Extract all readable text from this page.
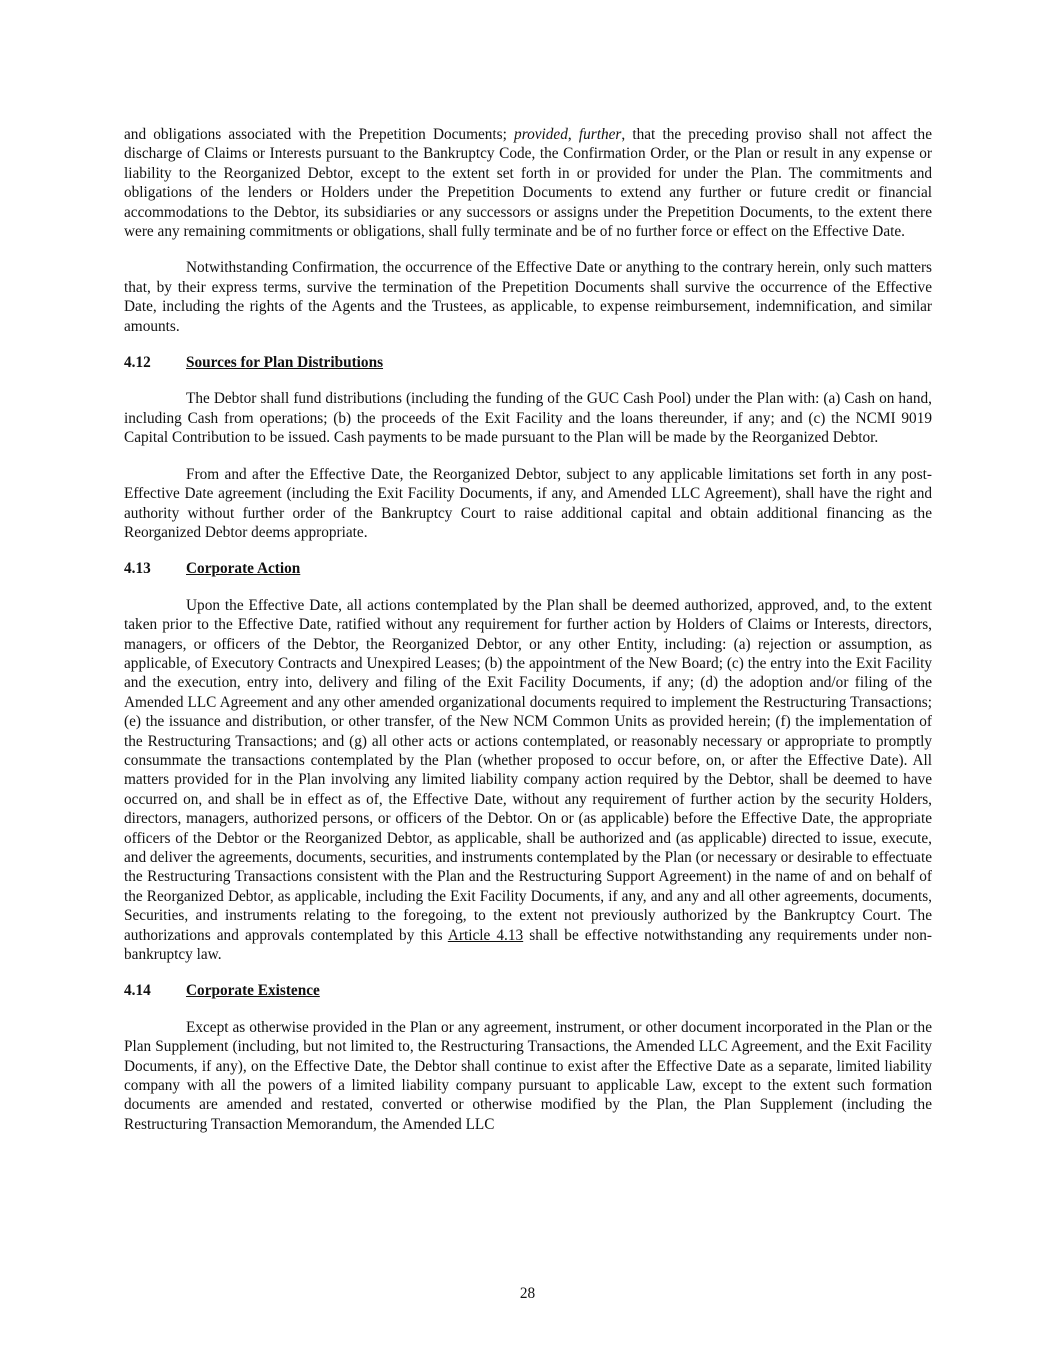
and obligations associated with the Prepetition Documents; provided, further, that the preceding proviso shall not affect the discharge of Claims or Interests pursuant to the Bankruptcy Code, the Confirmation Order, or the Plan or result in any expense or liability to the Reorganized Debtor, except to the extent set forth in or provided for under the Plan. The commitments and obligations of the lenders or Holders under the Prepetition Documents to extend any further or future credit or financial accommodations to the Debtor, its subsidiaries or any successors or assigns under the Prepetition Documents, to the extent there were any remaining commitments or obligations, shall fully terminate and be of no further force or effect on the Effective Date.

Notwithstanding Confirmation, the occurrence of the Effective Date or anything to the contrary herein, only such matters that, by their express terms, survive the termination of the Prepetition Documents shall survive the occurrence of the Effective Date, including the rights of the Agents and the Trustees, as applicable, to expense reimbursement, indemnification, and similar amounts.

4.12 Sources for Plan Distributions

The Debtor shall fund distributions (including the funding of the GUC Cash Pool) under the Plan with: (a) Cash on hand, including Cash from operations; (b) the proceeds of the Exit Facility and the loans thereunder, if any; and (c) the NCMI 9019 Capital Contribution to be issued. Cash payments to be made pursuant to the Plan will be made by the Reorganized Debtor.

From and after the Effective Date, the Reorganized Debtor, subject to any applicable limitations set forth in any post-Effective Date agreement (including the Exit Facility Documents, if any, and Amended LLC Agreement), shall have the right and authority without further order of the Bankruptcy Court to raise additional capital and obtain additional financing as the Reorganized Debtor deems appropriate.

4.13 Corporate Action

Upon the Effective Date, all actions contemplated by the Plan shall be deemed authorized, approved, and, to the extent taken prior to the Effective Date, ratified without any requirement for further action by Holders of Claims or Interests, directors, managers, or officers of the Debtor, the Reorganized Debtor, or any other Entity, including: (a) rejection or assumption, as applicable, of Executory Contracts and Unexpired Leases; (b) the appointment of the New Board; (c) the entry into the Exit Facility and the execution, entry into, delivery and filing of the Exit Facility Documents, if any; (d) the adoption and/or filing of the Amended LLC Agreement and any other amended organizational documents required to implement the Restructuring Transactions; (e) the issuance and distribution, or other transfer, of the New NCM Common Units as provided herein; (f) the implementation of the Restructuring Transactions; and (g) all other acts or actions contemplated, or reasonably necessary or appropriate to promptly consummate the transactions contemplated by the Plan (whether proposed to occur before, on, or after the Effective Date). All matters provided for in the Plan involving any limited liability company action required by the Debtor, shall be deemed to have occurred on, and shall be in effect as of, the Effective Date, without any requirement of further action by the security Holders, directors, managers, authorized persons, or officers of the Debtor. On or (as applicable) before the Effective Date, the appropriate officers of the Debtor or the Reorganized Debtor, as applicable, shall be authorized and (as applicable) directed to issue, execute, and deliver the agreements, documents, securities, and instruments contemplated by the Plan (or necessary or desirable to effectuate the Restructuring Transactions consistent with the Plan and the Restructuring Support Agreement) in the name of and on behalf of the Reorganized Debtor, as applicable, including the Exit Facility Documents, if any, and any and all other agreements, documents, Securities, and instruments relating to the foregoing, to the extent not previously authorized by the Bankruptcy Court. The authorizations and approvals contemplated by this Article 4.13 shall be effective notwithstanding any requirements under non-bankruptcy law.

4.14 Corporate Existence

Except as otherwise provided in the Plan or any agreement, instrument, or other document incorporated in the Plan or the Plan Supplement (including, but not limited to, the Restructuring Transactions, the Amended LLC Agreement, and the Exit Facility Documents, if any), on the Effective Date, the Debtor shall continue to exist after the Effective Date as a separate, limited liability company with all the powers of a limited liability company pursuant to applicable Law, except to the extent such formation documents are amended and restated, converted or otherwise modified by the Plan, the Plan Supplement (including the Restructuring Transaction Memorandum, the Amended LLC

28
